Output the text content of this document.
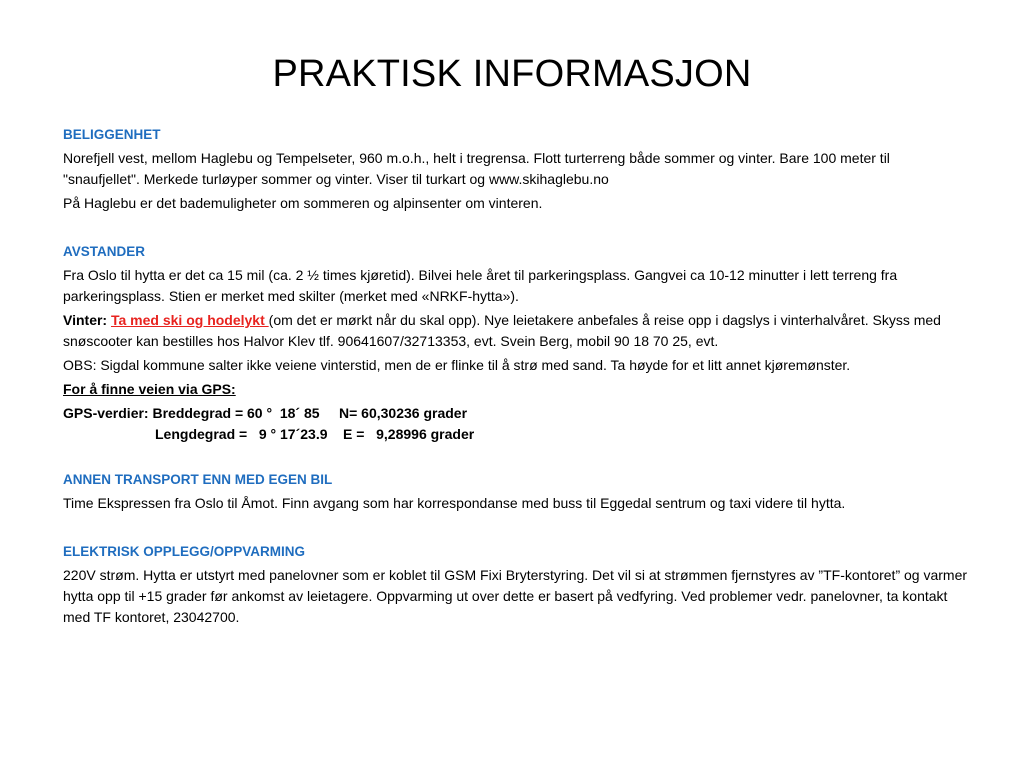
PRAKTISK INFORMASJON
BELIGGENHET
Norefjell vest, mellom Haglebu og Tempelseter, 960 m.o.h., helt i tregrensa. Flott turterreng både sommer og vinter. Bare 100 meter til "snaufjellet". Merkede turløyper sommer og vinter. Viser til turkart og www.skihaglebu.no
På Haglebu er det bademuligheter om sommeren og alpinsenter om vinteren.
AVSTANDER
Fra Oslo til hytta er det ca 15 mil (ca. 2 ½ times kjøretid). Bilvei hele året til parkeringsplass. Gangvei ca 10-12 minutter i lett terreng fra parkeringsplass. Stien er merket med skilter (merket med «NRKF-hytta»).
Vinter: Ta med ski og hodelykt (om det er mørkt når du skal opp). Nye leietakere anbefales å reise opp i dagslys i vinterhalvåret. Skyss med snøscooter kan bestilles hos Halvor Klev tlf. 90641607/32713353, evt. Svein Berg, mobil 90 18 70 25, evt.
OBS: Sigdal kommune salter ikke veiene vinterstid, men de er flinke til å strø med sand. Ta høyde for et litt annet kjøremønster.
For å finne veien via GPS:
GPS-verdier: Breddegrad = 60 °  18´ 85     N= 60,30236 grader
Lengdegrad =   9 ° 17´23.9    E =   9,28996 grader
ANNEN TRANSPORT ENN MED EGEN BIL
Time Ekspressen fra Oslo til Åmot. Finn avgang som har korrespondanse med buss til Eggedal sentrum og taxi videre til hytta.
ELEKTRISK OPPLEGG/OPPVARMING
220V strøm. Hytta er utstyrt med panelovner som er koblet til GSM Fixi Bryterstyring. Det vil si at strømmen fjernstyres av ”TF-kontoret” og varmer hytta opp til +15 grader før ankomst av leietagere. Oppvarming ut over dette er basert på vedfyring. Ved problemer vedr. panelovner, ta kontakt med TF kontoret, 23042700.
